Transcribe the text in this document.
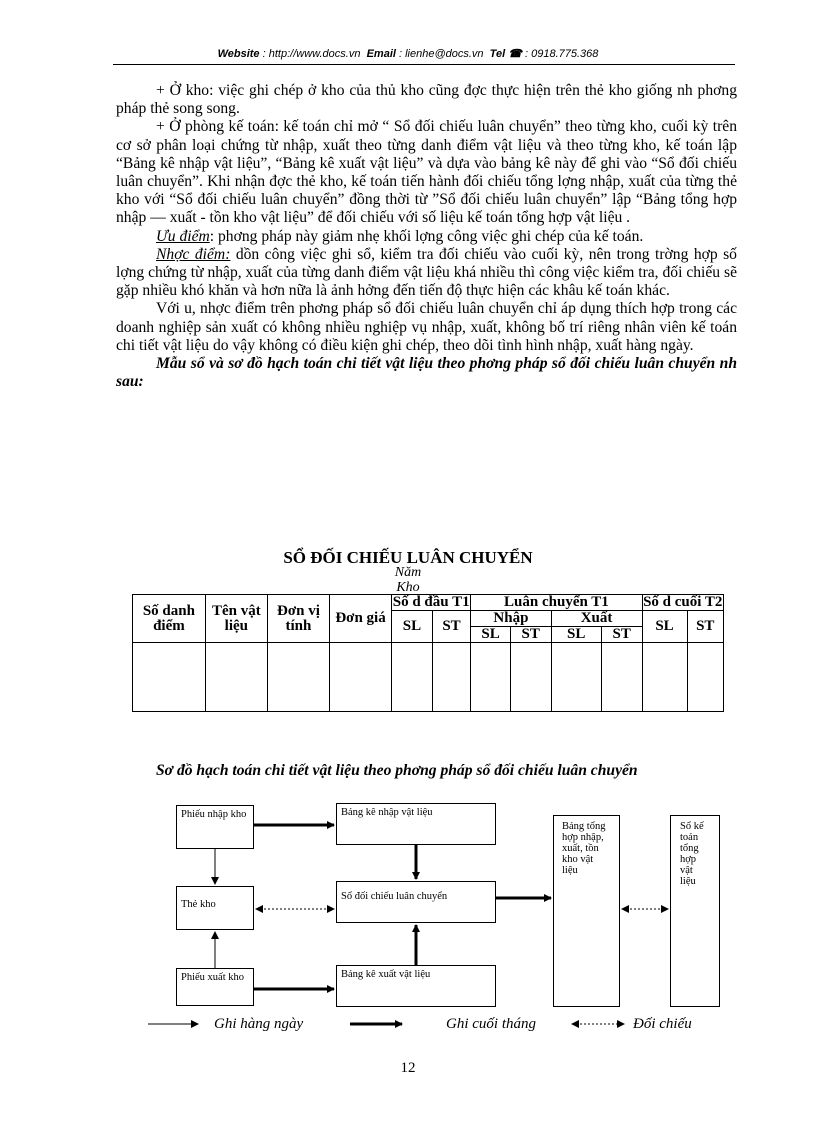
Website : http://www.docs.vn Email : lienhe@docs.vn Tel ☎ : 0918.775.368

+ Ở kho: việc ghi chép ở kho của thủ kho cũng đợc thực hiện trên thẻ kho giống nh phơng pháp thẻ song song.

+ Ở phòng kế toán: kế toán chỉ mở “ Sổ đối chiếu luân chuyển” theo từng kho, cuối kỳ trên cơ sở phân loại chứng từ nhập, xuất theo từng danh điểm vật liệu và theo từng kho, kế toán lập “Bảng kê nhập vật liệu”, “Bảng kê xuất vật liệu” và dựa vào bảng kê này để ghi vào “Sổ đối chiếu luân chuyển”. Khi nhận đợc thẻ kho, kế toán tiến hành đối chiếu tổng lợng nhập, xuất của từng thẻ kho với “Sổ đối chiếu luân chuyển” đồng thời từ ”Sổ đối chiếu luân chuyển” lập “Bảng tổng hợp nhập — xuất - tồn kho vật liệu” để đối chiếu với số liệu kế toán tổng hợp vật liệu .

Ưu điểm: phơng pháp này giảm nhẹ khối lợng công việc ghi chép của kế toán.

Nhợc điểm: dồn công việc ghi sổ, kiểm tra đối chiếu vào cuối kỳ, nên trong trờng hợp số lợng chứng từ nhập, xuất của từng danh điểm vật liệu khá nhiều thì công việc kiểm tra, đối chiếu sẽ gặp nhiều khó khăn và hơn nữa là ảnh hởng đến tiến độ thực hiện các khâu kế toán khác.

Với u, nhợc điểm trên phơng pháp sổ đối chiếu luân chuyển chỉ áp dụng thích hợp trong các doanh nghiệp sản xuất có không nhiều nghiệp vụ nhập, xuất, không bố trí riêng nhân viên kế toán chi tiết vật liệu do vậy không có điều kiện ghi chép, theo dõi tình hình nhập, xuất hàng ngày.

Mẫu sổ và sơ đồ hạch toán chi tiết vật liệu theo phơng pháp sổ đối chiếu luân chuyển nh sau:

SỔ ĐỐI CHIẾU LUÂN CHUYỂN
Năm
Kho
Số danh điểm	Tên vật liệu	Đơn vị tính	Đơn giá	Số d đầu T1		Luân chuyển T1				Số d cuối T2	
				SL	ST	Nhập		Xuất		SL	ST
						SL	ST	SL	ST		

Sơ đồ hạch toán chi tiết vật liệu theo phơng pháp sổ đối chiếu luân chuyển
Phiếu nhập kho	Bảng kê nhập vật liệu
Thẻ kho
Sổ đối chiếu luân chuyển
Bảng tổng hợp nhập, xuất, tồn kho vật liệu
Sổ kế toán tổng hợp vật liệu
Phiếu xuất kho	Bảng kê xuất vật liệu
Ghi hàng ngày	Ghi cuối tháng	Đối chiếu
12
